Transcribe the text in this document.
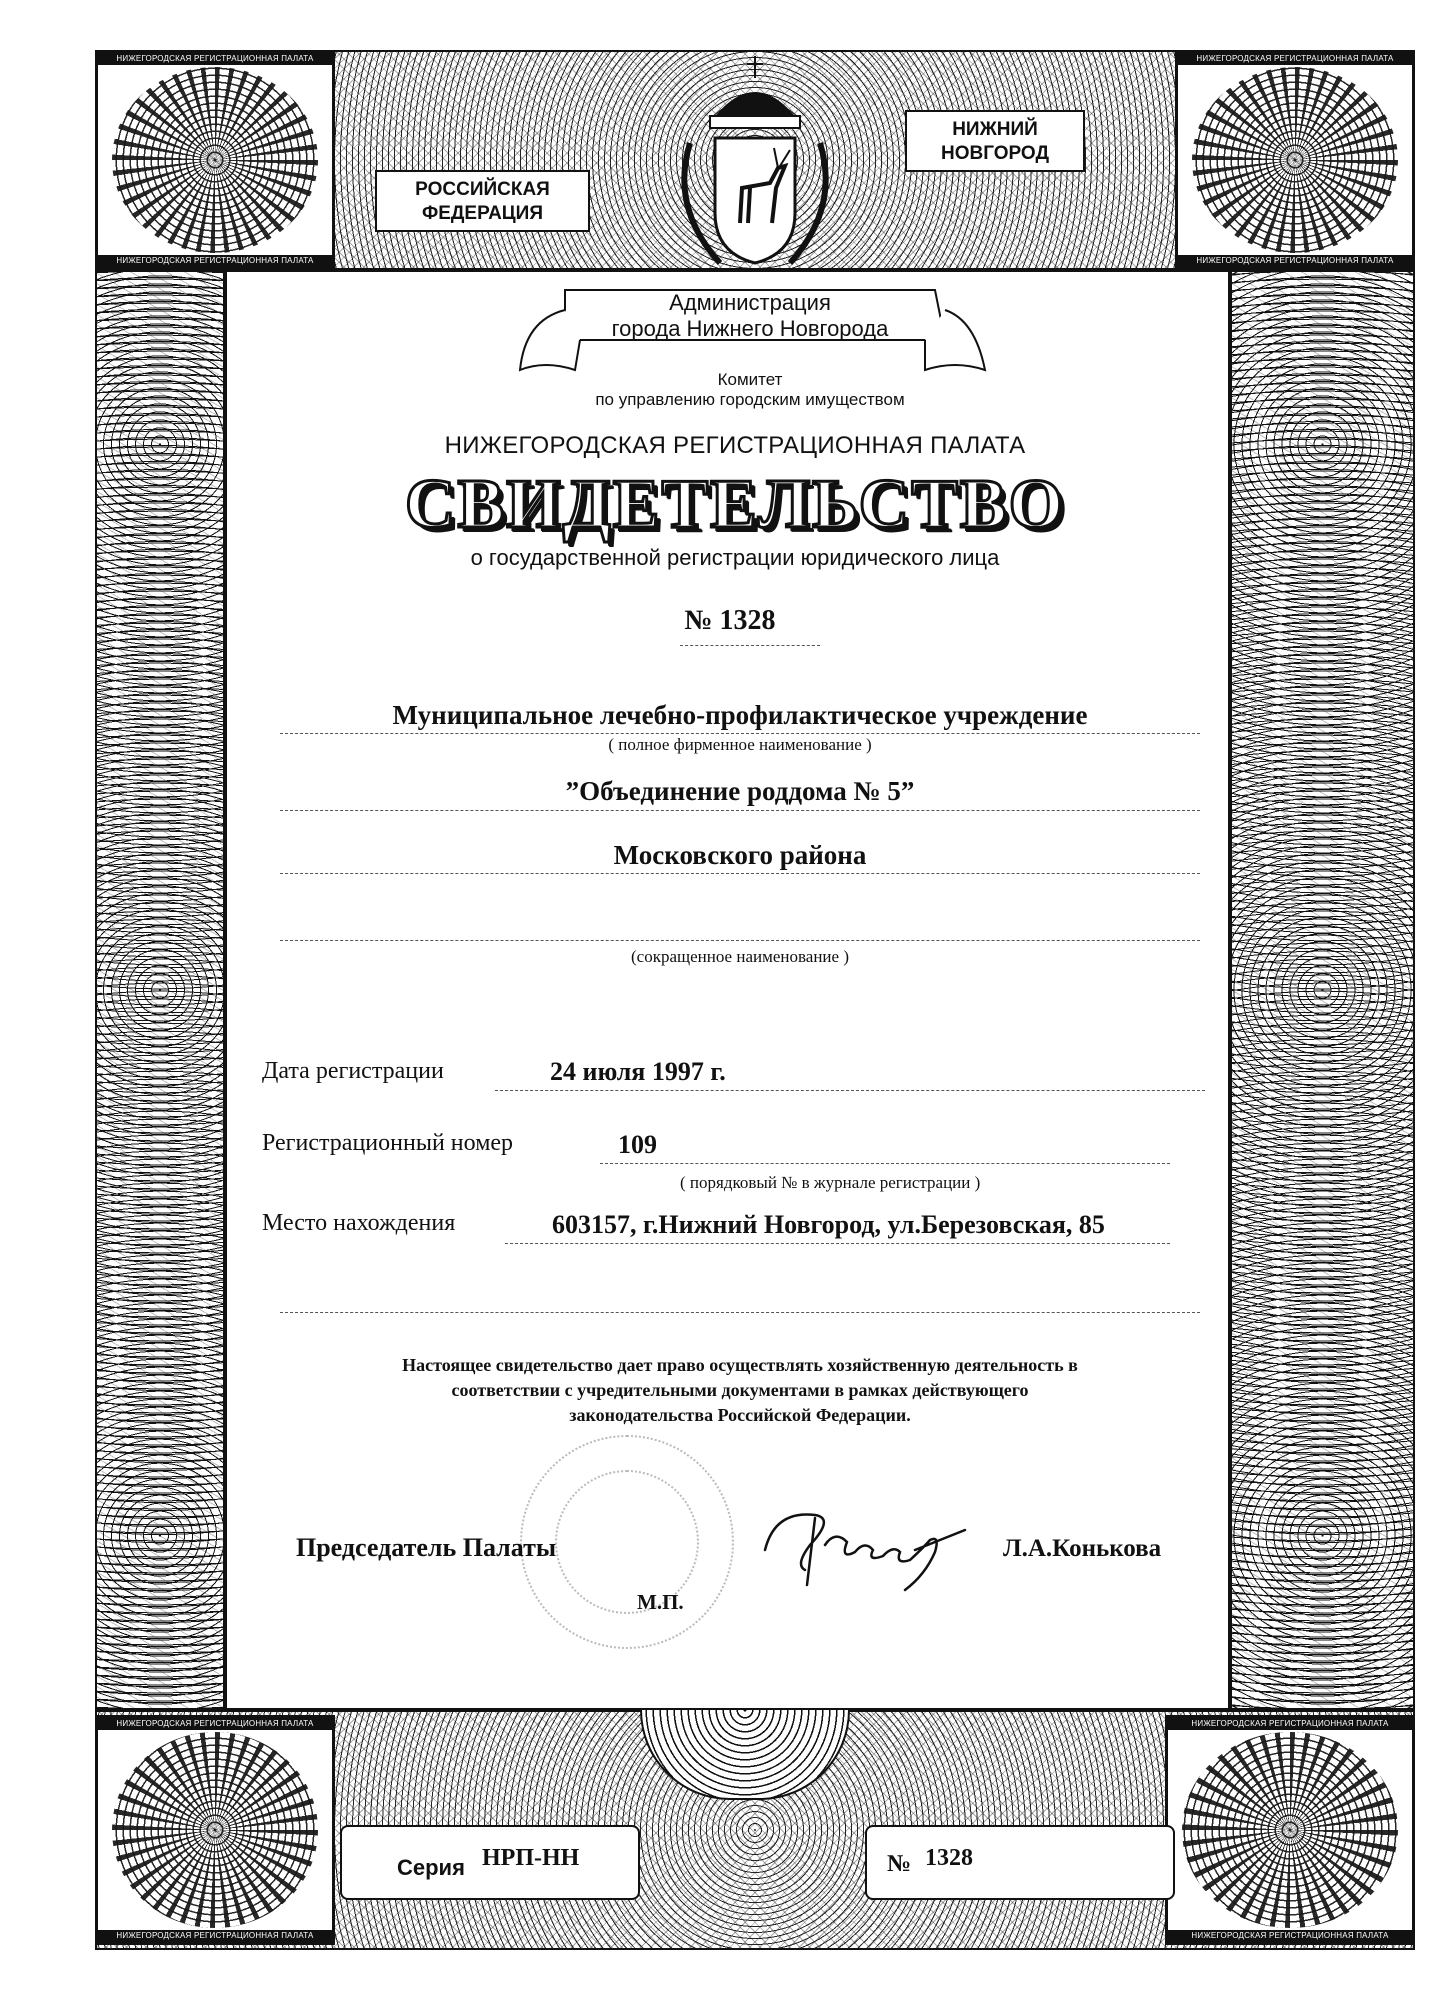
НИЖЕГОРОДСКАЯ РЕГИСТРАЦИОННАЯ ПАЛАТА
НИЖЕГОРОДСКАЯ РЕГИСТРАЦИОННАЯ ПАЛАТА
НИЖЕГОРОДСКАЯ РЕГИСТРАЦИОННАЯ ПАЛАТА
НИЖЕГОРОДСКАЯ РЕГИСТРАЦИОННАЯ ПАЛАТА
НИЖЕГОРОДСКАЯ РЕГИСТРАЦИОННАЯ ПАЛАТА
НИЖЕГОРОДСКАЯ РЕГИСТРАЦИОННАЯ ПАЛАТА
НИЖЕГОРОДСКАЯ РЕГИСТРАЦИОННАЯ ПАЛАТА
НИЖЕГОРОДСКАЯ РЕГИСТРАЦИОННАЯ ПАЛАТА
РОССИЙСКАЯ
ФЕДЕРАЦИЯ
НИЖНИЙ
НОВГОРОД
Серия НРП-НН	№ 1328
Администрация
города Нижнего Новгорода
Комитет
по управлению городским имуществом
НИЖЕГОРОДСКАЯ РЕГИСТРАЦИОННАЯ ПАЛАТА
СВИДЕТЕЛЬСТВО
о государственной регистрации юридического лица
№ 1328
Муниципальное лечебно-профилактическое учреждение
( полное фирменное наименование )
”Объединение роддома № 5”
Московского района
(сокращенное наименование )
Дата регистрации	24 июля 1997 г.
Регистрационный номер	109
( порядковый № в журнале регистрации )
Место нахождения	603157, г.Нижний Новгород, ул.Березовская, 85
Настоящее свидетельство дает право осуществлять хозяйственную деятельность в
соответствии с учредительными документами в рамках действующего
законодательства Российской Федерации.
Председатель Палаты
М.П.
Л.А.Конькова
